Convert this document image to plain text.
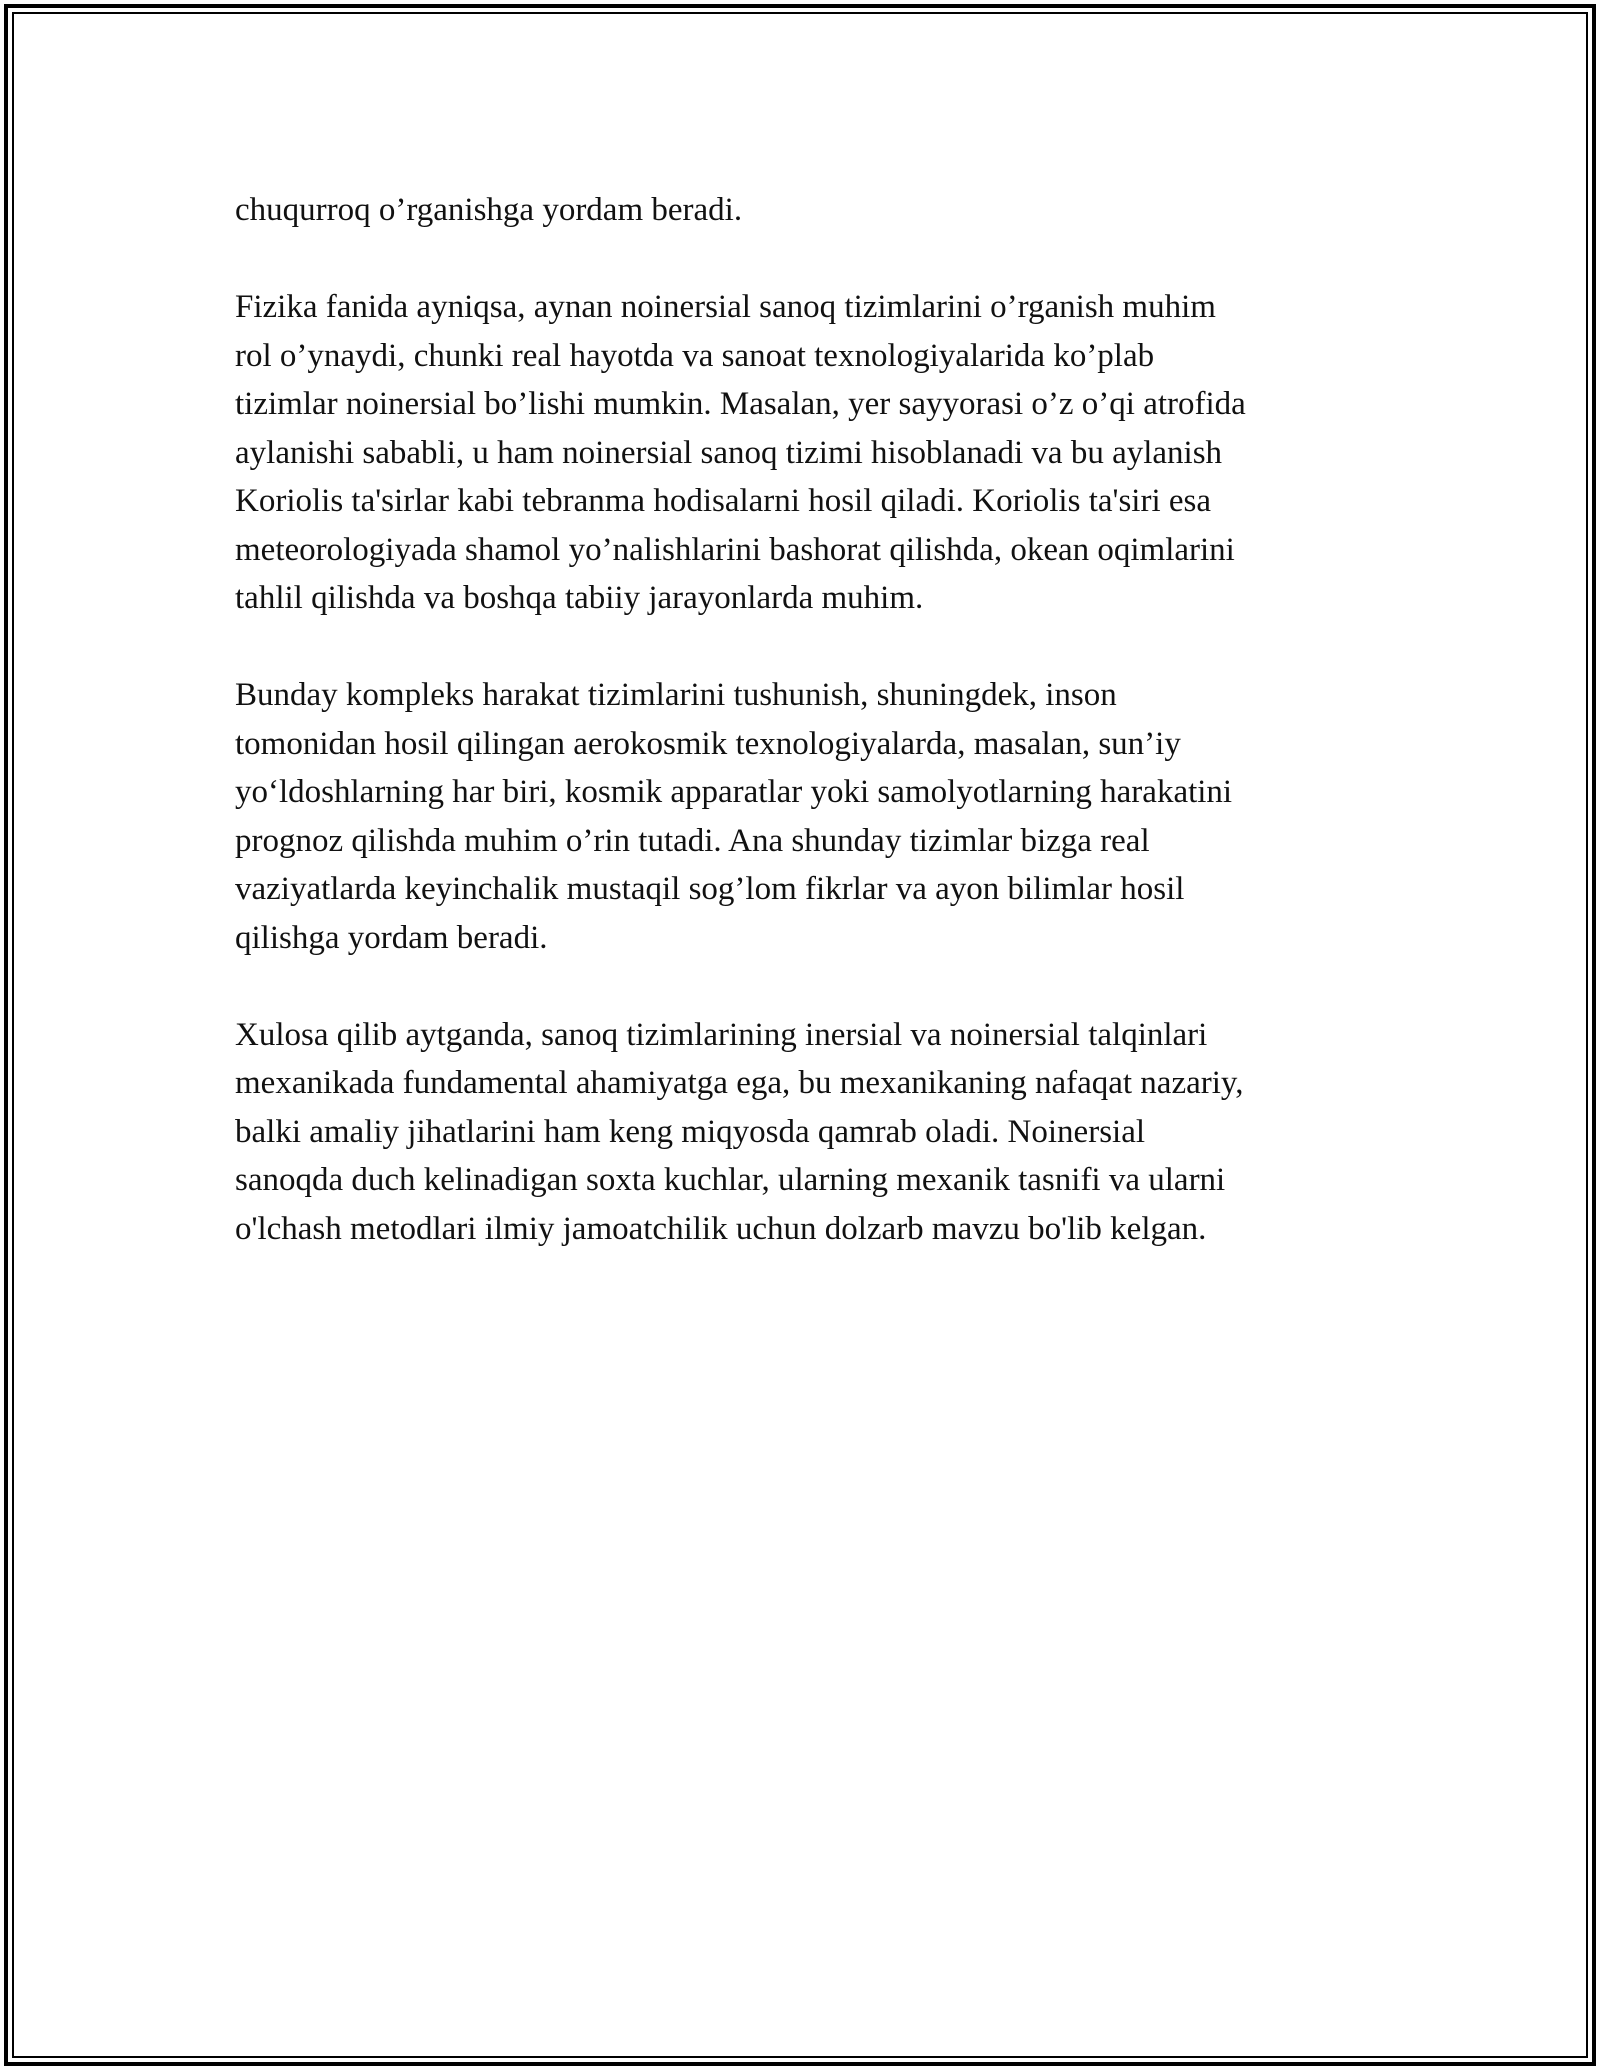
chuqurroq o’rganishga yordam beradi.

Fizika fanida ayniqsa, aynan noinersial sanoq tizimlarini o’rganish muhim
rol o’ynaydi, chunki real hayotda va sanoat texnologiyalarida ko’plab
tizimlar noinersial bo’lishi mumkin. Masalan, yer sayyorasi o’z o’qi atrofida
aylanishi sababli, u ham noinersial sanoq tizimi hisoblanadi va bu aylanish
Koriolis ta'sirlar kabi tebranma hodisalarni hosil qiladi. Koriolis ta'siri esa
meteorologiyada shamol yo’nalishlarini bashorat qilishda, okean oqimlarini
tahlil qilishda va boshqa tabiiy jarayonlarda muhim.

Bunday kompleks harakat tizimlarini tushunish, shuningdek, inson
tomonidan hosil qilingan aerokosmik texnologiyalarda, masalan, sun’iy
yo‘ldoshlarning har biri, kosmik apparatlar yoki samolyotlarning harakatini
prognoz qilishda muhim o’rin tutadi. Ana shunday tizimlar bizga real
vaziyatlarda keyinchalik mustaqil sog’lom fikrlar va ayon bilimlar hosil
qilishga yordam beradi.

Xulosa qilib aytganda, sanoq tizimlarining inersial va noinersial talqinlari
mexanikada fundamental ahamiyatga ega, bu mexanikaning nafaqat nazariy,
balki amaliy jihatlarini ham keng miqyosda qamrab oladi. Noinersial
sanoqda duch kelinadigan soxta kuchlar, ularning mexanik tasnifi va ularni
o'lchash metodlari ilmiy jamoatchilik uchun dolzarb mavzu bo'lib kelgan.
